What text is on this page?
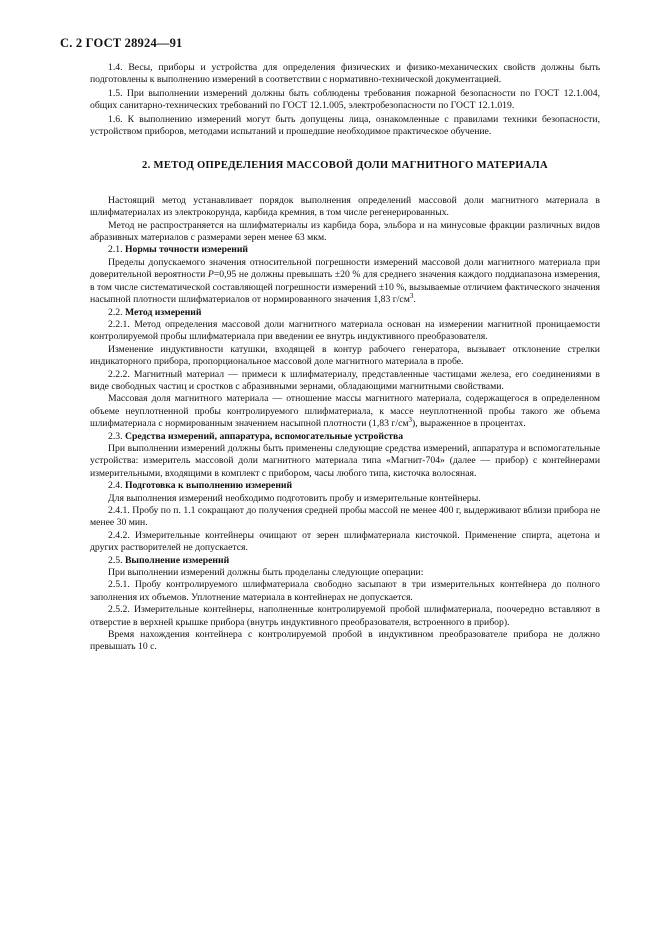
С. 2 ГОСТ 28924—91

1.4. Весы, приборы и устройства для определения физических и физико-механических свойств должны быть подготовлены к выполнению измерений в соответствии с нормативно-технической документацией.

1.5. При выполнении измерений должны быть соблюдены требования пожарной безопасности по ГОСТ 12.1.004, общих санитарно-технических требований по ГОСТ 12.1.005, электробезопасности по ГОСТ 12.1.019.

1.6. К выполнению измерений могут быть допущены лица, ознакомленные с правилами техники безопасности, устройством приборов, методами испытаний и прошедшие необходимое практическое обучение.

2. МЕТОД ОПРЕДЕЛЕНИЯ МАССОВОЙ ДОЛИ МАГНИТНОГО МАТЕРИАЛА

Настоящий метод устанавливает порядок выполнения определений массовой доли магнитного материала в шлифматериалах из электрокорунда, карбида кремния, в том числе регенерированных.

Метод не распространяется на шлифматериалы из карбида бора, эльбора и на минусовые фракции различных видов абразивных материалов с размерами зерен менее 63 мкм.

2.1. Нормы точности измерений

Пределы допускаемого значения относительной погрешности измерений массовой доли магнитного материала при доверительной вероятности P=0,95 не должны превышать ±20 % для среднего значения каждого поддиапазона измерения, в том числе систематической составляющей погрешности измерений ±10 %, вызываемые отличием фактического значения насыпной плотности шлифматериалов от нормированного значения 1,83 $г/см^3$.

2.2. Метод измерений

2.2.1. Метод определения массовой доли магнитного материала основан на измерении магнитной проницаемости контролируемой пробы шлифматериала при введении ее внутрь индуктивного преобразователя.

Изменение индуктивности катушки, входящей в контур рабочего генератора, вызывает отклонение стрелки индикаторного прибора, пропорциональное массовой доле магнитного материала в пробе.

2.2.2. Магнитный материал — примеси к шлифматериалу, представленные частицами железа, его соединениями в виде свободных частиц и сростков с абразивными зернами, обладающими магнитными свойствами.

Массовая доля магнитного материала — отношение массы магнитного материала, содержащегося в определенном объеме неуплотненной пробы контролируемого шлифматериала, к массе неуплотненной пробы такого же объема шлифматериала с нормированным значением насыпной плотности (1,83 $г/см^3$), выраженное в процентах.

2.3. Средства измерений, аппаратура, вспомогательные устройства

При выполнении измерений должны быть применены следующие средства измерений, аппаратура и вспомогательные устройства: измеритель массовой доли магнитного материала типа «Магнит-704» (далее — прибор) с контейнерами измерительными, входящими в комплект с прибором, часы любого типа, кисточка волосяная.

2.4. Подготовка к выполнению измерений

Для выполнения измерений необходимо подготовить пробу и измерительные контейнеры.

2.4.1. Пробу по п. 1.1 сокращают до получения средней пробы массой не менее 400 г, выдерживают вблизи прибора не менее 30 мин.

2.4.2. Измерительные контейнеры очищают от зерен шлифматериала кисточкой. Применение спирта, ацетона и других растворителей не допускается.

2.5. Выполнение измерений

При выполнении измерений должны быть проделаны следующие операции:

2.5.1. Пробу контролируемого шлифматериала свободно засыпают в три измерительных контейнера до полного заполнения их объемов. Уплотнение материала в контейнерах не допускается.

2.5.2. Измерительные контейнеры, наполненные контролируемой пробой шлифматериала, поочередно вставляют в отверстие в верхней крышке прибора (внутрь индуктивного преобразователя, встроенного в прибор).

Время нахождения контейнера с контролируемой пробой в индуктивном преобразователе прибора не должно превышать 10 с.
